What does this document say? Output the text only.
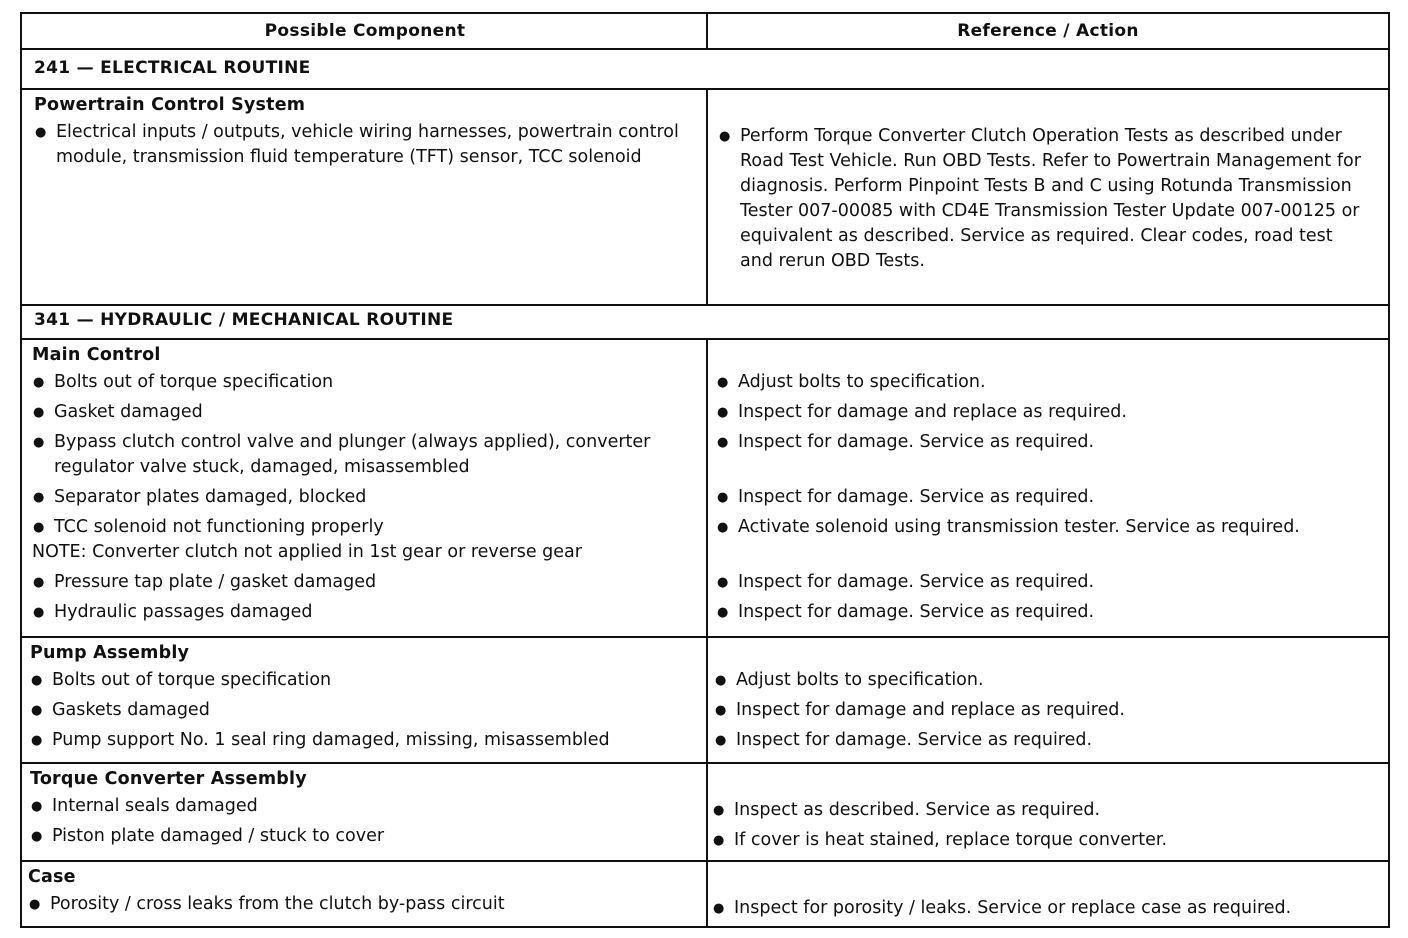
Possible Component	Reference / Action
241 — ELECTRICAL ROUTINE
341 — HYDRAULIC / MECHANICAL ROUTINE
Powertrain Control System
● Electrical inputs / outputs, vehicle wiring harnesses, powertrain control module, transmission fluid temperature (TFT) sensor, TCC solenoid
● Perform Torque Converter Clutch Operation Tests as described under Road Test Vehicle. Run OBD Tests. Refer to Powertrain Management for diagnosis. Perform Pinpoint Tests B and C using Rotunda Transmission Tester 007-00085 with CD4E Transmission Tester Update 007-00125 or equivalent as described. Service as required. Clear codes, road test and rerun OBD Tests.
Main Control
● Bolts out of torque specification
● Gasket damaged
● Bypass clutch control valve and plunger (always applied), converter regulator valve stuck, damaged, misassembled
● Separator plates damaged, blocked
● TCC solenoid not functioning properly
NOTE: Converter clutch not applied in 1st gear or reverse gear
● Pressure tap plate / gasket damaged
● Hydraulic passages damaged
● Adjust bolts to specification.
● Inspect for damage and replace as required.
● Inspect for damage. Service as required.
● Inspect for damage. Service as required.
● Activate solenoid using transmission tester. Service as required.
● Inspect for damage. Service as required.
● Inspect for damage. Service as required.
Pump Assembly
● Bolts out of torque specification
● Gaskets damaged
● Pump support No. 1 seal ring damaged, missing, misassembled
● Adjust bolts to specification.
● Inspect for damage and replace as required.
● Inspect for damage. Service as required.
Torque Converter Assembly
● Internal seals damaged
● Piston plate damaged / stuck to cover
● Inspect as described. Service as required.
● If cover is heat stained, replace torque converter.
Case
● Porosity / cross leaks from the clutch by-pass circuit
●	Inspect for porosity / leaks. Service or replace case as required.
